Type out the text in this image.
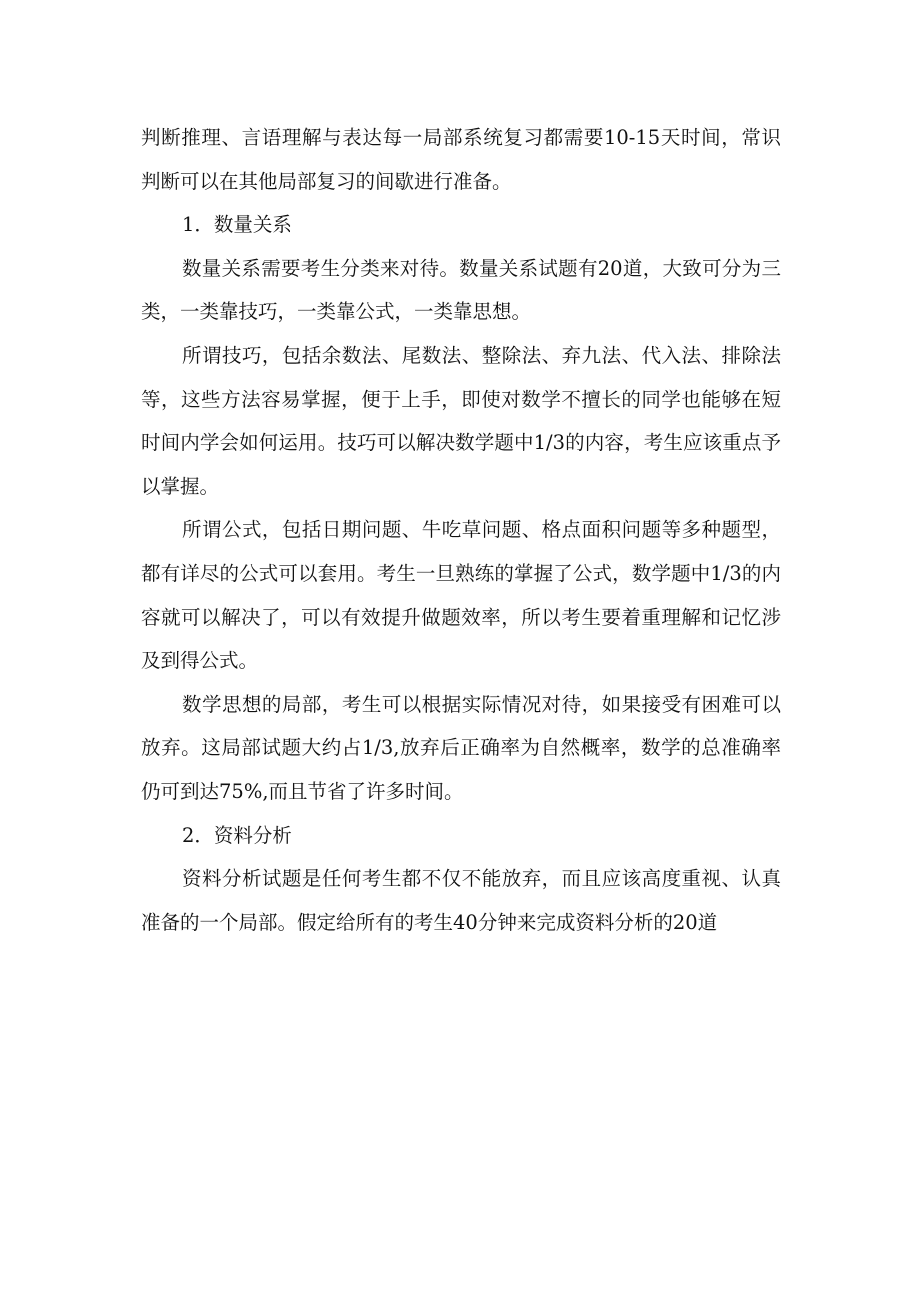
判断推理、言语理解与表达每一局部系统复习都需要10-15天时间，常识判断可以在其他局部复习的间歇进行准备。

1．数量关系

数量关系需要考生分类来对待。数量关系试题有20道，大致可分为三类，一类靠技巧，一类靠公式，一类靠思想。

所谓技巧，包括余数法、尾数法、整除法、弃九法、代入法、排除法等，这些方法容易掌握，便于上手，即使对数学不擅长的同学也能够在短时间内学会如何运用。技巧可以解决数学题中1/3的内容，考生应该重点予以掌握。

所谓公式，包括日期问题、牛吃草问题、格点面积问题等多种题型，都有详尽的公式可以套用。考生一旦熟练的掌握了公式，数学题中1/3的内容就可以解决了，可以有效提升做题效率，所以考生要着重理解和记忆涉及到得公式。

数学思想的局部，考生可以根据实际情况对待，如果接受有困难可以放弃。这局部试题大约占1/3,放弃后正确率为自然概率，数学的总准确率仍可到达75%,而且节省了许多时间。

2．资料分析

资料分析试题是任何考生都不仅不能放弃，而且应该高度重视、认真准备的一个局部。假定给所有的考生40分钟来完成资料分析的20道
